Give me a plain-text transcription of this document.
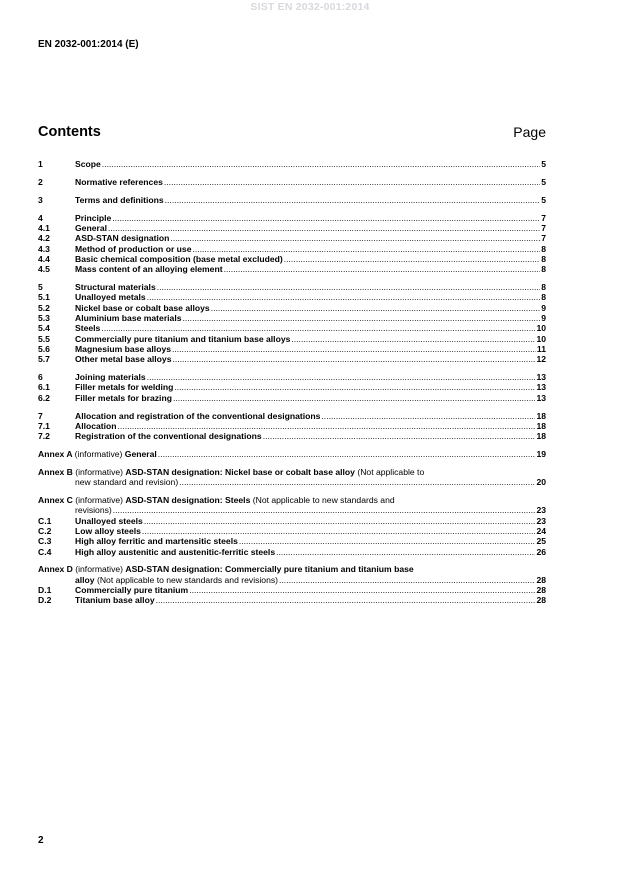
SIST EN 2032-001:2014
EN 2032-001:2014 (E)
Contents	Page
1	Scope .....	5
2	Normative references .....	5
3	Terms and definitions .....	5
4	Principle .....	7
4.1	General .....	7
4.2	ASD-STAN designation .....	7
4.3	Method of production or use .....	8
4.4	Basic chemical composition (base metal excluded) .....	8
4.5	Mass content of an alloying element .....	8
5	Structural materials .....	8
5.1	Unalloyed metals .....	8
5.2	Nickel base or cobalt base alloys .....	9
5.3	Aluminium base materials .....	9
5.4	Steels .....	10
5.5	Commercially pure titanium and titanium base alloys .....	10
5.6	Magnesium base alloys .....	11
5.7	Other metal base alloys .....	12
6	Joining materials .....	13
6.1	Filler metals for welding .....	13
6.2	Filler metals for brazing .....	13
7	Allocation and registration of the conventional designations .....	18
7.1	Allocation .....	18
7.2	Registration of the conventional designations .....	18
Annex A (informative) General .....	19
Annex B (informative) ASD-STAN designation: Nickel base or cobalt base alloy (Not applicable to
new standard and revision) .....	20
Annex C (informative) ASD-STAN designation: Steels (Not applicable to new standards and
revisions) .....	23
C.1	Unalloyed steels .....	23
C.2	Low alloy steels .....	24
C.3	High alloy ferritic and martensitic steels .....	25
C.4	High alloy austenitic and austenitic-ferritic steels .....	26
Annex D (informative) ASD-STAN designation: Commercially pure titanium and titanium base
alloy
(Not applicable to new standards and revisions) .....	28
D.1	Commercially pure titanium .....	28
D.2	Titanium base alloy .....	28
2
